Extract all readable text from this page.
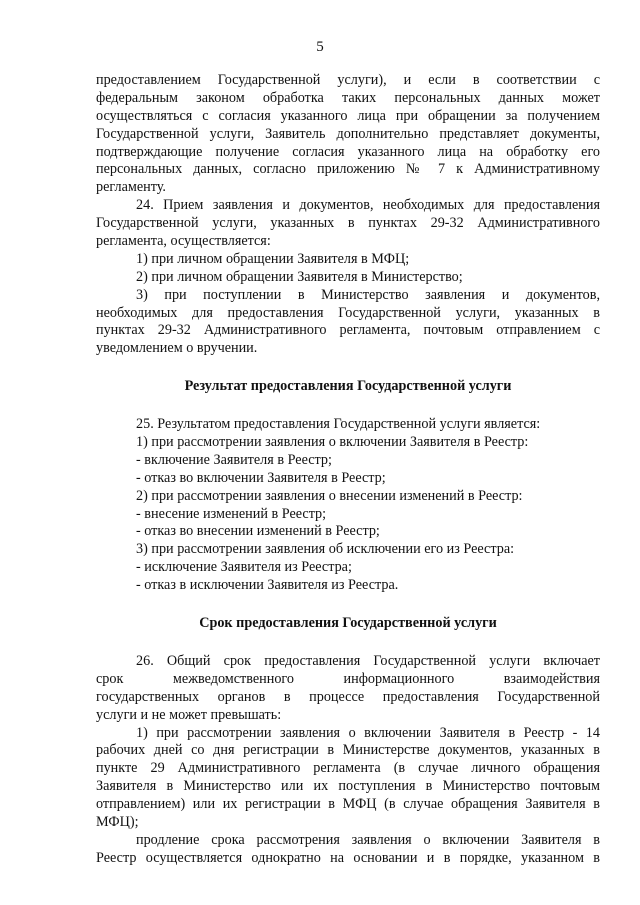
5
предоставлением Государственной услуги), и если в соответствии с
федеральным законом обработка таких персональных данных может
осуществляться с согласия указанного лица при обращении за получением
Государственной услуги, Заявитель дополнительно представляет документы,
подтверждающие получение согласия указанного лица на обработку его
персональных данных, согласно приложению № 7 к Административному
регламенту.
24. Прием заявления и документов, необходимых для предоставления
Государственной услуги, указанных в пунктах 29-32 Административного
регламента, осуществляется:
1) при личном обращении Заявителя в МФЦ;
2) при личном обращении Заявителя в Министерство;
3) при поступлении в Министерство заявления и документов,
необходимых для предоставления Государственной услуги, указанных в
пунктах 29-32 Административного регламента, почтовым отправлением с
уведомлением о вручении.
Результат предоставления Государственной услуги
25. Результатом предоставления Государственной услуги является:
1) при рассмотрении заявления о включении Заявителя в Реестр:
- включение Заявителя в Реестр;
- отказ во включении Заявителя в Реестр;
2) при рассмотрении заявления о внесении изменений в Реестр:
- внесение изменений в Реестр;
- отказ во внесении изменений в Реестр;
3) при рассмотрении заявления об исключении его из Реестра:
- исключение Заявителя из Реестра;
- отказ в исключении Заявителя из Реестра.
Срок предоставления Государственной услуги
26. Общий срок предоставления Государственной услуги включает
срок межведомственного информационного взаимодействия
государственных органов в процессе предоставления Государственной
услуги и не может превышать:
1) при рассмотрении заявления о включении Заявителя в Реестр - 14
рабочих дней со дня регистрации в Министерстве документов, указанных в
пункте 29 Административного регламента (в случае личного обращения
Заявителя в Министерство или их поступления в Министерство почтовым
отправлением) или их регистрации в МФЦ (в случае обращения Заявителя в
МФЦ);
продление срока рассмотрения заявления о включении Заявителя в
Реестр осуществляется однократно на основании и в порядке, указанном в
